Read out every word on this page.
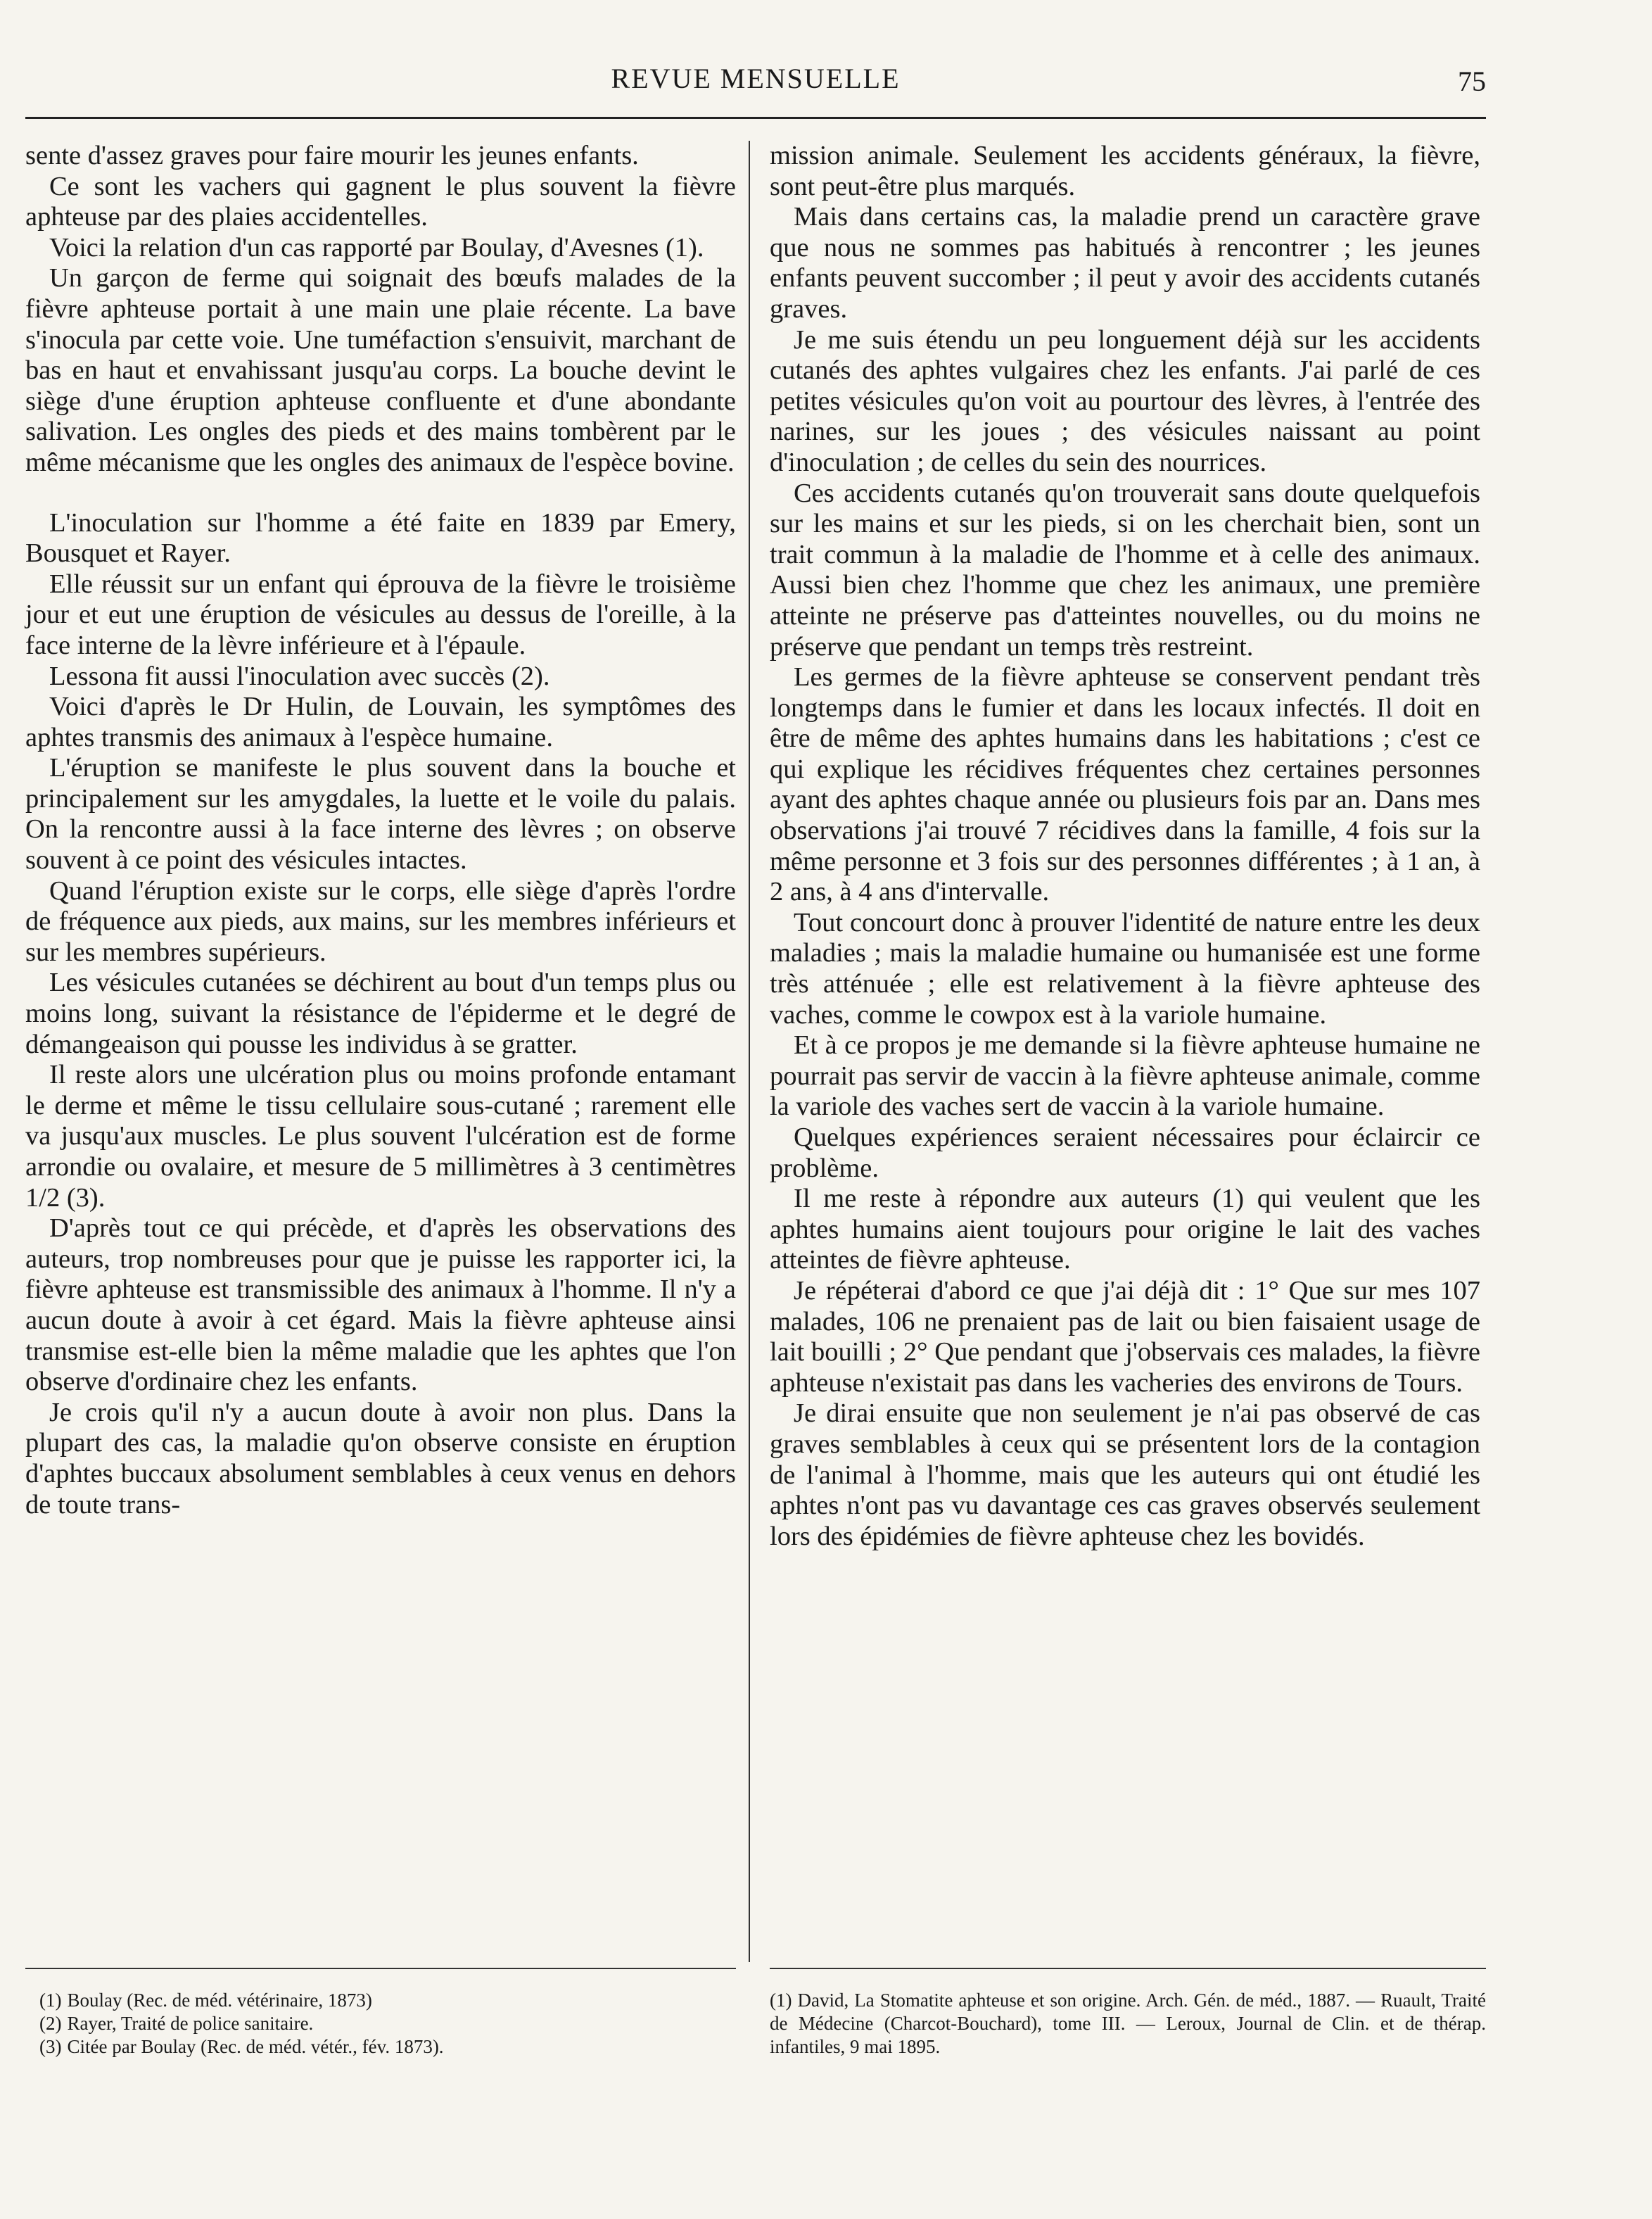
REVUE MENSUELLE	75

sente d'assez graves pour faire mourir les jeunes enfants.

Ce sont les vachers qui gagnent le plus souvent la fièvre aphteuse par des plaies accidentelles.

Voici la relation d'un cas rapporté par Boulay, d'Avesnes (1).

Un garçon de ferme qui soignait des bœufs malades de la fièvre aphteuse portait à une main une plaie récente. La bave s'inocula par cette voie. Une tuméfaction s'ensuivit, marchant de bas en haut et envahissant jusqu'au corps. La bouche devint le siège d'une éruption aphteuse confluente et d'une abondante salivation. Les ongles des pieds et des mains tombèrent par le même mécanisme que les ongles des animaux de l'espèce bovine.

L'inoculation sur l'homme a été faite en 1839 par Emery, Bousquet et Rayer.

Elle réussit sur un enfant qui éprouva de la fièvre le troisième jour et eut une éruption de vésicules au dessus de l'oreille, à la face interne de la lèvre inférieure et à l'épaule.

Lessona fit aussi l'inoculation avec succès (2).

Voici d'après le Dr Hulin, de Louvain, les symptômes des aphtes transmis des animaux à l'espèce humaine.

L'éruption se manifeste le plus souvent dans la bouche et principalement sur les amygdales, la luette et le voile du palais. On la rencontre aussi à la face interne des lèvres ; on observe souvent à ce point des vésicules intactes.

Quand l'éruption existe sur le corps, elle siège d'après l'ordre de fréquence aux pieds, aux mains, sur les membres inférieurs et sur les membres supérieurs.

Les vésicules cutanées se déchirent au bout d'un temps plus ou moins long, suivant la résistance de l'épiderme et le degré de démangeaison qui pousse les individus à se gratter.

Il reste alors une ulcération plus ou moins profonde entamant le derme et même le tissu cellulaire sous-cutané ; rarement elle va jusqu'aux muscles. Le plus souvent l'ulcération est de forme arrondie ou ovalaire, et mesure de 5 millimètres à 3 centimètres 1/2 (3).

D'après tout ce qui précède, et d'après les observations des auteurs, trop nombreuses pour que je puisse les rapporter ici, la fièvre aphteuse est transmissible des animaux à l'homme. Il n'y a aucun doute à avoir à cet égard. Mais la fièvre aphteuse ainsi transmise est-elle bien la même maladie que les aphtes que l'on observe d'ordinaire chez les enfants.

Je crois qu'il n'y a aucun doute à avoir non plus. Dans la plupart des cas, la maladie qu'on observe consiste en éruption d'aphtes buccaux absolument semblables à ceux venus en dehors de toute trans-

mission animale. Seulement les accidents généraux, la fièvre, sont peut-être plus marqués.

Mais dans certains cas, la maladie prend un caractère grave que nous ne sommes pas habitués à rencontrer ; les jeunes enfants peuvent succomber ; il peut y avoir des accidents cutanés graves.

Je me suis étendu un peu longuement déjà sur les accidents cutanés des aphtes vulgaires chez les enfants. J'ai parlé de ces petites vésicules qu'on voit au pourtour des lèvres, à l'entrée des narines, sur les joues ; des vésicules naissant au point d'inoculation ; de celles du sein des nourrices.

Ces accidents cutanés qu'on trouverait sans doute quelquefois sur les mains et sur les pieds, si on les cherchait bien, sont un trait commun à la maladie de l'homme et à celle des animaux. Aussi bien chez l'homme que chez les animaux, une première atteinte ne préserve pas d'atteintes nouvelles, ou du moins ne préserve que pendant un temps très restreint.

Les germes de la fièvre aphteuse se conservent pendant très longtemps dans le fumier et dans les locaux infectés. Il doit en être de même des aphtes humains dans les habitations ; c'est ce qui explique les récidives fréquentes chez certaines personnes ayant des aphtes chaque année ou plusieurs fois par an. Dans mes observations j'ai trouvé 7 récidives dans la famille, 4 fois sur la même personne et 3 fois sur des personnes différentes ; à 1 an, à 2 ans, à 4 ans d'intervalle.

Tout concourt donc à prouver l'identité de nature entre les deux maladies ; mais la maladie humaine ou humanisée est une forme très atténuée ; elle est relativement à la fièvre aphteuse des vaches, comme le cowpox est à la variole humaine.

Et à ce propos je me demande si la fièvre aphteuse humaine ne pourrait pas servir de vaccin à la fièvre aphteuse animale, comme la variole des vaches sert de vaccin à la variole humaine.

Quelques expériences seraient nécessaires pour éclaircir ce problème.

Il me reste à répondre aux auteurs (1) qui veulent que les aphtes humains aient toujours pour origine le lait des vaches atteintes de fièvre aphteuse.

Je répéterai d'abord ce que j'ai déjà dit : 1° Que sur mes 107 malades, 106 ne prenaient pas de lait ou bien faisaient usage de lait bouilli ; 2° Que pendant que j'observais ces malades, la fièvre aphteuse n'existait pas dans les vacheries des environs de Tours.

Je dirai ensuite que non seulement je n'ai pas observé de cas graves semblables à ceux qui se présentent lors de la contagion de l'animal à l'homme, mais que les auteurs qui ont étudié les aphtes n'ont pas vu davantage ces cas graves observés seulement lors des épidémies de fièvre aphteuse chez les bovidés.

(1) Boulay (Rec. de méd. vétérinaire, 1873)

(2) Rayer, Traité de police sanitaire.

(3) Citée par Boulay (Rec. de méd. vétér., fév. 1873).

(1) David, La Stomatite aphteuse et son origine. Arch. Gén. de méd., 1887. — Ruault, Traité de Médecine (Charcot-Bouchard), tome III. — Leroux, Journal de Clin. et de thérap. infantiles, 9 mai 1895.
